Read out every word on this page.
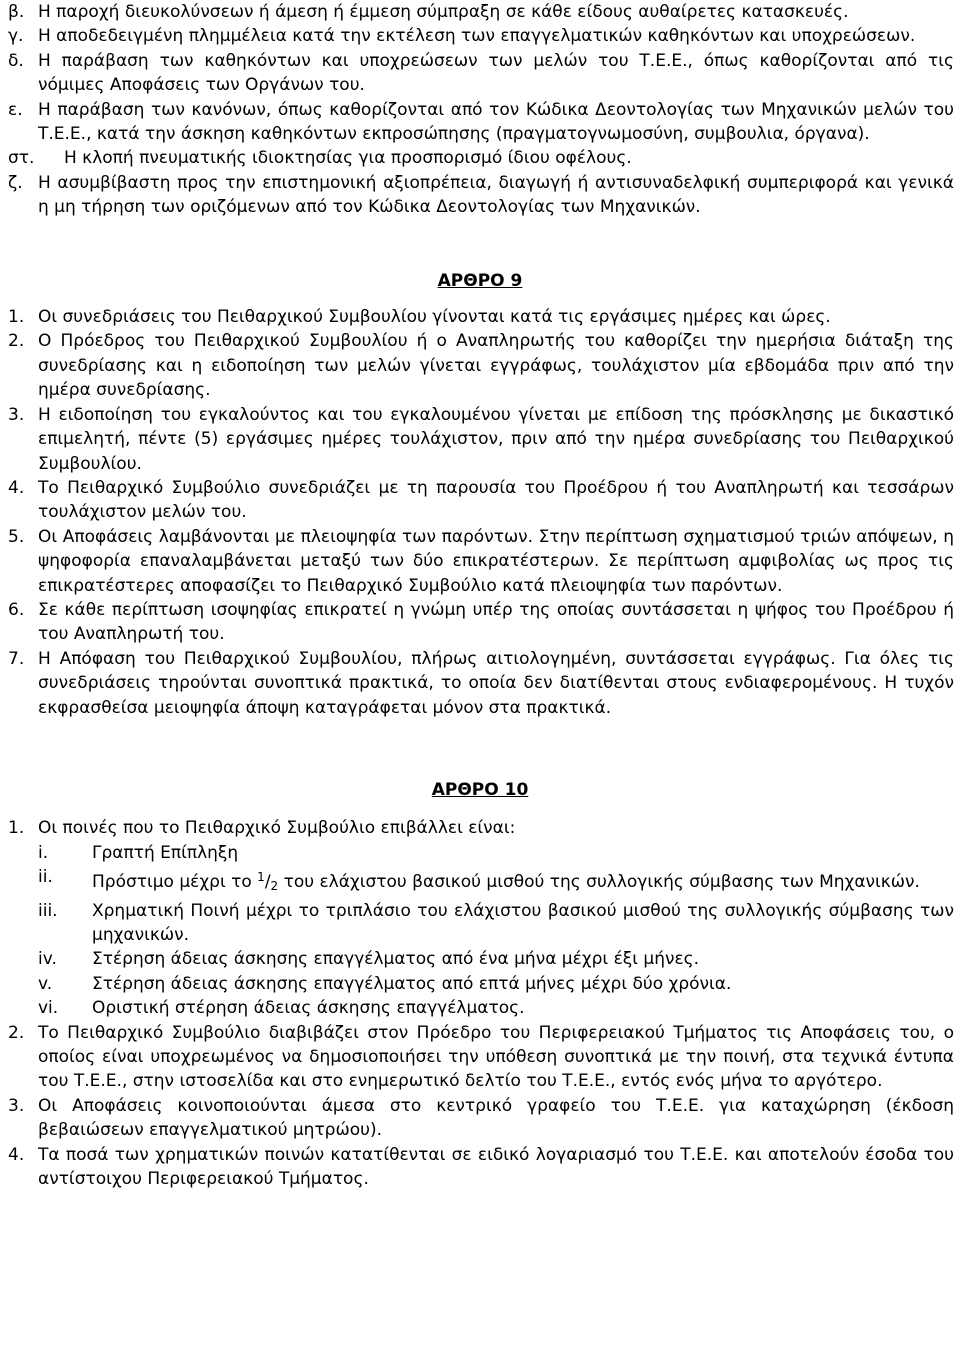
β. Η παροχή διευκολύνσεων ή άμεση ή έμμεση σύμπραξη σε κάθε είδους αυθαίρετες κατασκευές.
γ. Η αποδεδειγμένη πλημμέλεια κατά την εκτέλεση των επαγγελματικών καθηκόντων και υποχρεώσεων.
δ. Η παράβαση των καθηκόντων και υποχρεώσεων των μελών του Τ.Ε.Ε., όπως καθορίζονται από τις νόμιμες Αποφάσεις των Οργάνων του.
ε. Η παράβαση των κανόνων, όπως καθορίζονται από τον Κώδικα Δεοντολογίας των Μηχανικών μελών του Τ.Ε.Ε., κατά την άσκηση καθηκόντων εκπροσώπησης (πραγματογνωμοσύνη, συμβουλια, όργανα).
στ. Η κλοπή πνευματικής ιδιοκτησίας για προσπορισμό ίδιου οφέλους.
ζ. Η ασυμβίβαστη προς την επιστημονική αξιοπρέπεια, διαγωγή ή αντισυναδελφική συμπεριφορά και γενικά η μη τήρηση των οριζόμενων από τον Κώδικα Δεοντολογίας των Μηχανικών.
ΑΡΘΡΟ 9
1. Οι συνεδριάσεις του Πειθαρχικού Συμβουλίου γίνονται κατά τις εργάσιμες ημέρες και ώρες.
2. Ο Πρόεδρος του Πειθαρχικού Συμβουλίου ή ο Αναπληρωτής του καθορίζει την ημερήσια διάταξη της συνεδρίασης και η ειδοποίηση των μελών γίνεται εγγράφως, τουλάχιστον μία εβδομάδα πριν από την ημέρα συνεδρίασης.
3. Η ειδοποίηση του εγκαλούντος και του εγκαλουμένου γίνεται με επίδοση της πρόσκλησης με δικαστικό επιμελητή, πέντε (5) εργάσιμες ημέρες τουλάχιστον, πριν από την ημέρα συνεδρίασης του Πειθαρχικού Συμβουλίου.
4. Το Πειθαρχικό Συμβούλιο συνεδριάζει με τη παρουσία του Προέδρου ή του Αναπληρωτή και τεσσάρων τουλάχιστον μελών του.
5. Οι Αποφάσεις λαμβάνονται με πλειοψηφία των παρόντων. Στην περίπτωση σχηματισμού τριών απόψεων, η ψηφοφορία επαναλαμβάνεται μεταξύ των δύο επικρατέστερων. Σε περίπτωση αμφιβολίας ως προς τις επικρατέστερες αποφασίζει το Πειθαρχικό Συμβούλιο κατά πλειοψηφία των παρόντων.
6. Σε κάθε περίπτωση ισοψηφίας επικρατεί η γνώμη υπέρ της οποίας συντάσσεται η ψήφος του Προέδρου ή του Αναπληρωτή του.
7. Η Απόφαση του Πειθαρχικού Συμβουλίου, πλήρως αιτιολογημένη, συντάσσεται εγγράφως. Για όλες τις συνεδριάσεις τηρούνται συνοπτικά πρακτικά, το οποία δεν διατίθενται στους ενδιαφερομένους. Η τυχόν εκφρασθείσα μειοψηφία άποψη καταγράφεται μόνον στα πρακτικά.
ΑΡΘΡΟ 10
1. Οι ποινές που το Πειθαρχικό Συμβούλιο επιβάλλει είναι:
i.	Γραπτή Επίπληξη
ii.	Πρόστιμο μέχρι το $^1$/2 του ελάχιστου βασικού μισθού της συλλογικής σύμβασης των Μηχανικών.
iii.	Χρηματική Ποινή μέχρι το τριπλάσιο του ελάχιστου βασικού μισθού της συλλογικής σύμβασης των μηχανικών.
iv.	Στέρηση άδειας άσκησης επαγγέλματος από ένα μήνα μέχρι έξι μήνες.
v.	Στέρηση άδειας άσκησης επαγγέλματος από επτά μήνες μέχρι δύο χρόνια.
vi.	Οριστική στέρηση άδειας άσκησης επαγγέλματος.
2. Το Πειθαρχικό Συμβούλιο διαβιβάζει στον Πρόεδρο του Περιφερειακού Τμήματος τις Αποφάσεις του, ο οποίος είναι υποχρεωμένος να δημοσιοποιήσει την υπόθεση συνοπτικά με την ποινή, στα τεχνικά έντυπα του Τ.Ε.Ε., στην ιστοσελίδα και στο ενημερωτικό δελτίο του Τ.Ε.Ε., εντός ενός μήνα το αργότερο.
3. Οι Αποφάσεις κοινοποιούνται άμεσα στο κεντρικό γραφείο του Τ.Ε.Ε. για καταχώρηση (έκδοση βεβαιώσεων επαγγελματικού μητρώου).
4. Τα ποσά των χρηματικών ποινών κατατίθενται σε ειδικό λογαριασμό του Τ.Ε.Ε. και αποτελούν έσοδα του αντίστοιχου Περιφερειακού Τμήματος.
